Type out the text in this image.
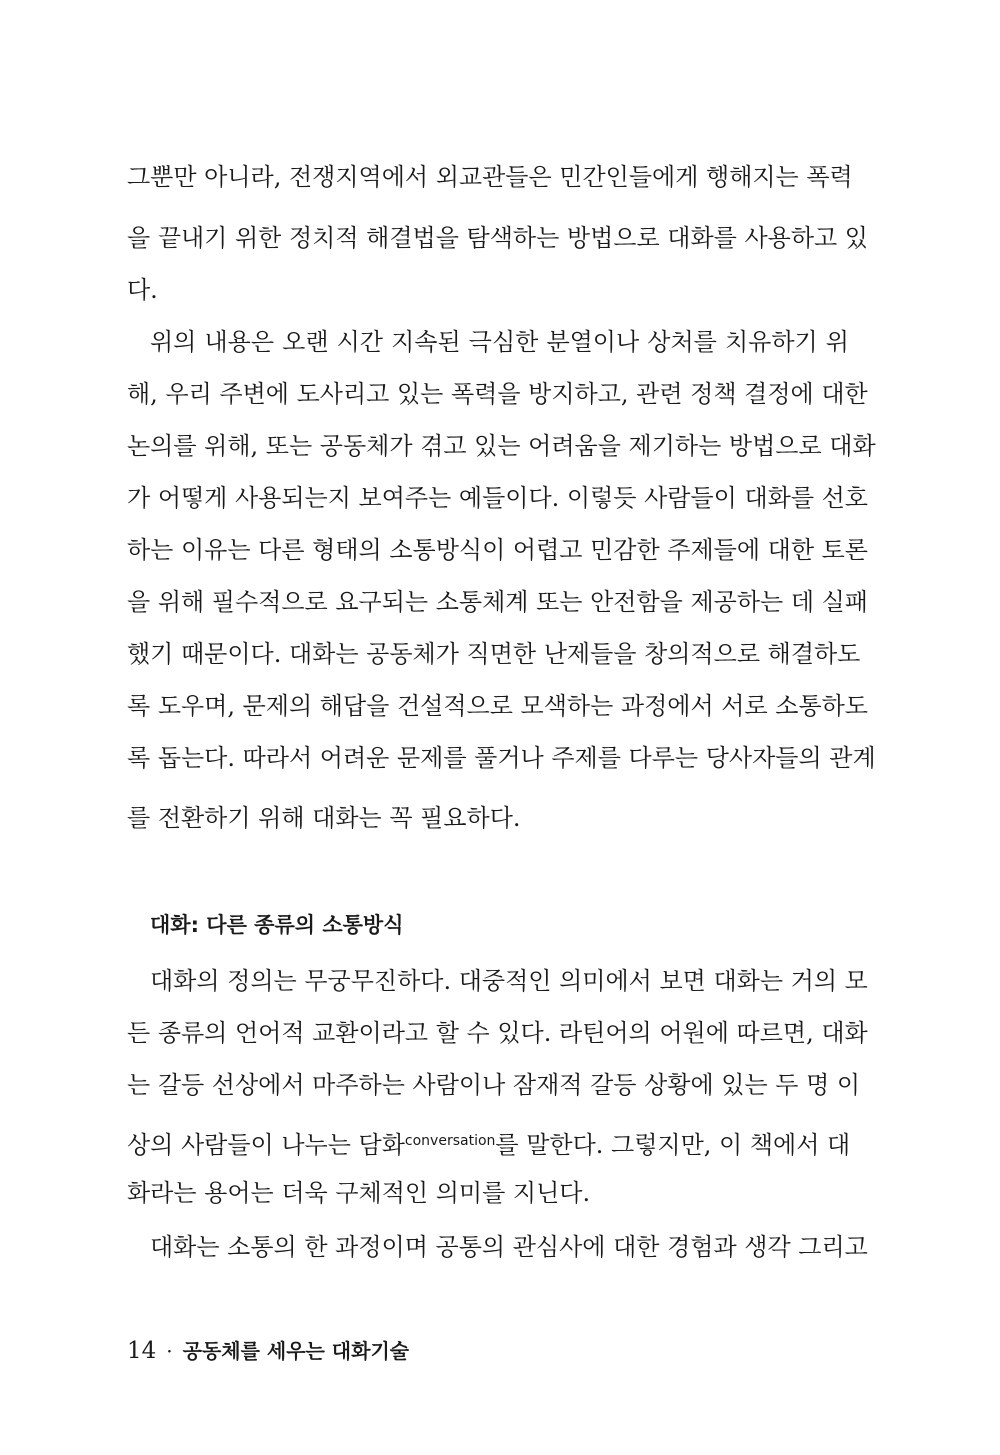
그뿐만 아니라, 전쟁지역에서 외교관들은 민간인들에게 행해지는 폭력
을 끝내기 위한 정치적 해결법을 탐색하는 방법으로 대화를 사용하고 있
다.
위의 내용은 오랜 시간 지속된 극심한 분열이나 상처를 치유하기 위
해, 우리 주변에 도사리고 있는 폭력을 방지하고, 관련 정책 결정에 대한
논의를 위해, 또는 공동체가 겪고 있는 어려움을 제기하는 방법으로 대화
가 어떻게 사용되는지 보여주는 예들이다. 이렇듯 사람들이 대화를 선호
하는 이유는 다른 형태의 소통방식이 어렵고 민감한 주제들에 대한 토론
을 위해 필수적으로 요구되는 소통체계 또는 안전함을 제공하는 데 실패
했기 때문이다. 대화는 공동체가 직면한 난제들을 창의적으로 해결하도
록 도우며, 문제의 해답을 건설적으로 모색하는 과정에서 서로 소통하도
록 돕는다. 따라서 어려운 문제를 풀거나 주제를 다루는 당사자들의 관계
를 전환하기 위해 대화는 꼭 필요하다.
대화: 다른 종류의 소통방식
대화의 정의는 무궁무진하다. 대중적인 의미에서 보면 대화는 거의 모
든 종류의 언어적 교환이라고 할 수 있다. 라틴어의 어원에 따르면, 대화
는 갈등 선상에서 마주하는 사람이나 잠재적 갈등 상황에 있는 두 명 이
상의 사람들이 나누는 담화$^{conversation}$를 말한다. 그렇지만, 이 책에서 대
화라는 용어는 더욱 구체적인 의미를 지닌다.
대화는 소통의 한 과정이며 공통의 관심사에 대한 경험과 생각 그리고
14 · 공동체를 세우는 대화기술
